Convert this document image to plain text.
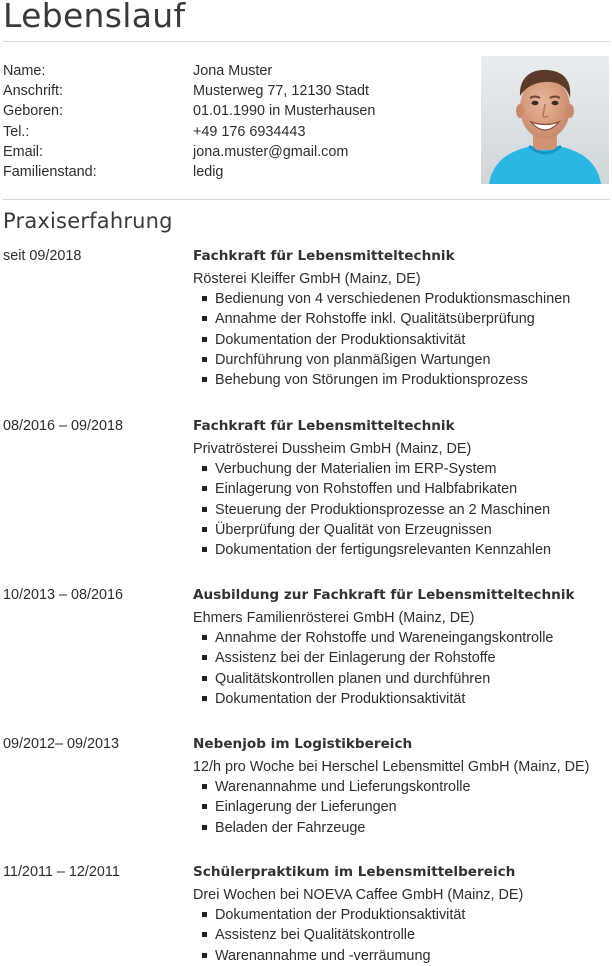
Lebenslauf
Name:	Jona Muster
Anschrift:	Musterweg 77, 12130 Stadt
Geboren:	01.01.1990 in Musterhausen
Tel.:	+49 176 6934443
Email:	jona.muster@gmail.com
Familienstand:	ledig
Praxiserfahrung
seit 09/2018	Fachkraft für Lebensmitteltechnik
Rösterei Kleiffer GmbH (Mainz, DE)
Bedienung von 4 verschiedenen Produktionsmaschinen
Annahme der Rohstoffe inkl. Qualitätsüberprüfung
Dokumentation der Produktionsaktivität
Durchführung von planmäßigen Wartungen
Behebung von Störungen im Produktionsprozess
08/2016 – 09/2018	Fachkraft für Lebensmitteltechnik
Privatrösterei Dussheim GmbH (Mainz, DE)
Verbuchung der Materialien im ERP-System
Einlagerung von Rohstoffen und Halbfabrikaten
Steuerung der Produktionsprozesse an 2 Maschinen
Überprüfung der Qualität von Erzeugnissen
Dokumentation der fertigungsrelevanten Kennzahlen
10/2013 – 08/2016	Ausbildung zur Fachkraft für Lebensmitteltechnik
Ehmers Familienrösterei GmbH (Mainz, DE)
Annahme der Rohstoffe und Wareneingangskontrolle
Assistenz bei der Einlagerung der Rohstoffe
Qualitätskontrollen planen und durchführen
Dokumentation der Produktionsaktivität
09/2012– 09/2013	Nebenjob im Logistikbereich
12/h pro Woche bei Herschel Lebensmittel GmbH (Mainz, DE)
Warenannahme und Lieferungskontrolle
Einlagerung der Lieferungen
Beladen der Fahrzeuge
11/2011 – 12/2011	Schülerpraktikum im Lebensmittelbereich
Drei Wochen bei NOEVA Caffee GmbH (Mainz, DE)
Dokumentation der Produktionsaktivität
Assistenz bei Qualitätskontrolle
Warenannahme und -verräumung
